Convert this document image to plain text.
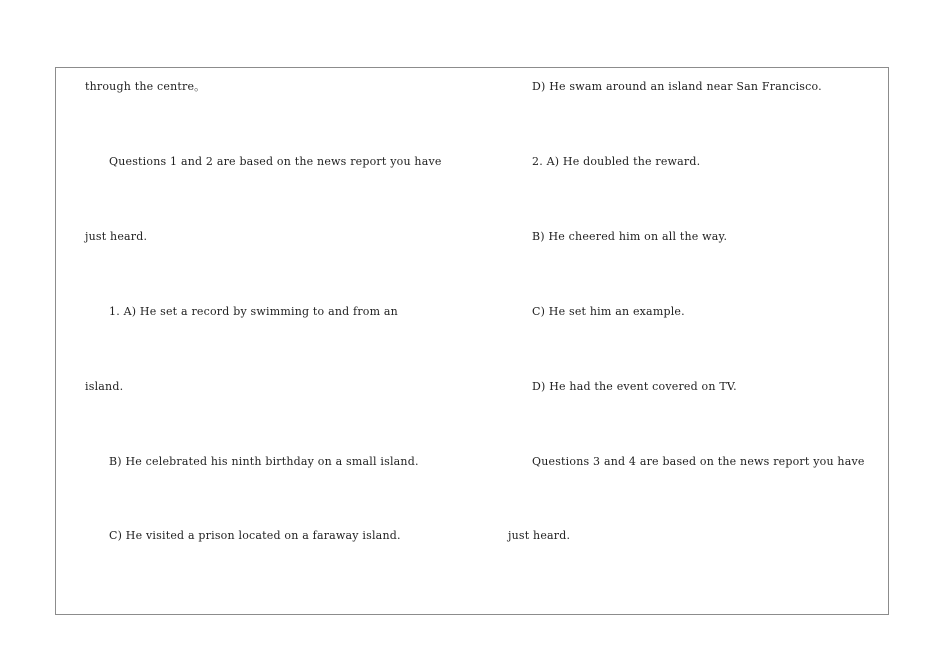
through the centre。
Questions 1 and 2 are based on the news report you have
just heard.
1. A) He set a record by swimming to and from an
island.
B) He celebrated his ninth birthday on a small island.
C) He visited a prison located on a faraway island.
D) He swam around an island near San Francisco.
2. A) He doubled the reward.
B) He cheered him on all the way.
C) He set him an example.
D) He had the event covered on TV.
Questions 3 and 4 are based on the news report you have
just heard.
